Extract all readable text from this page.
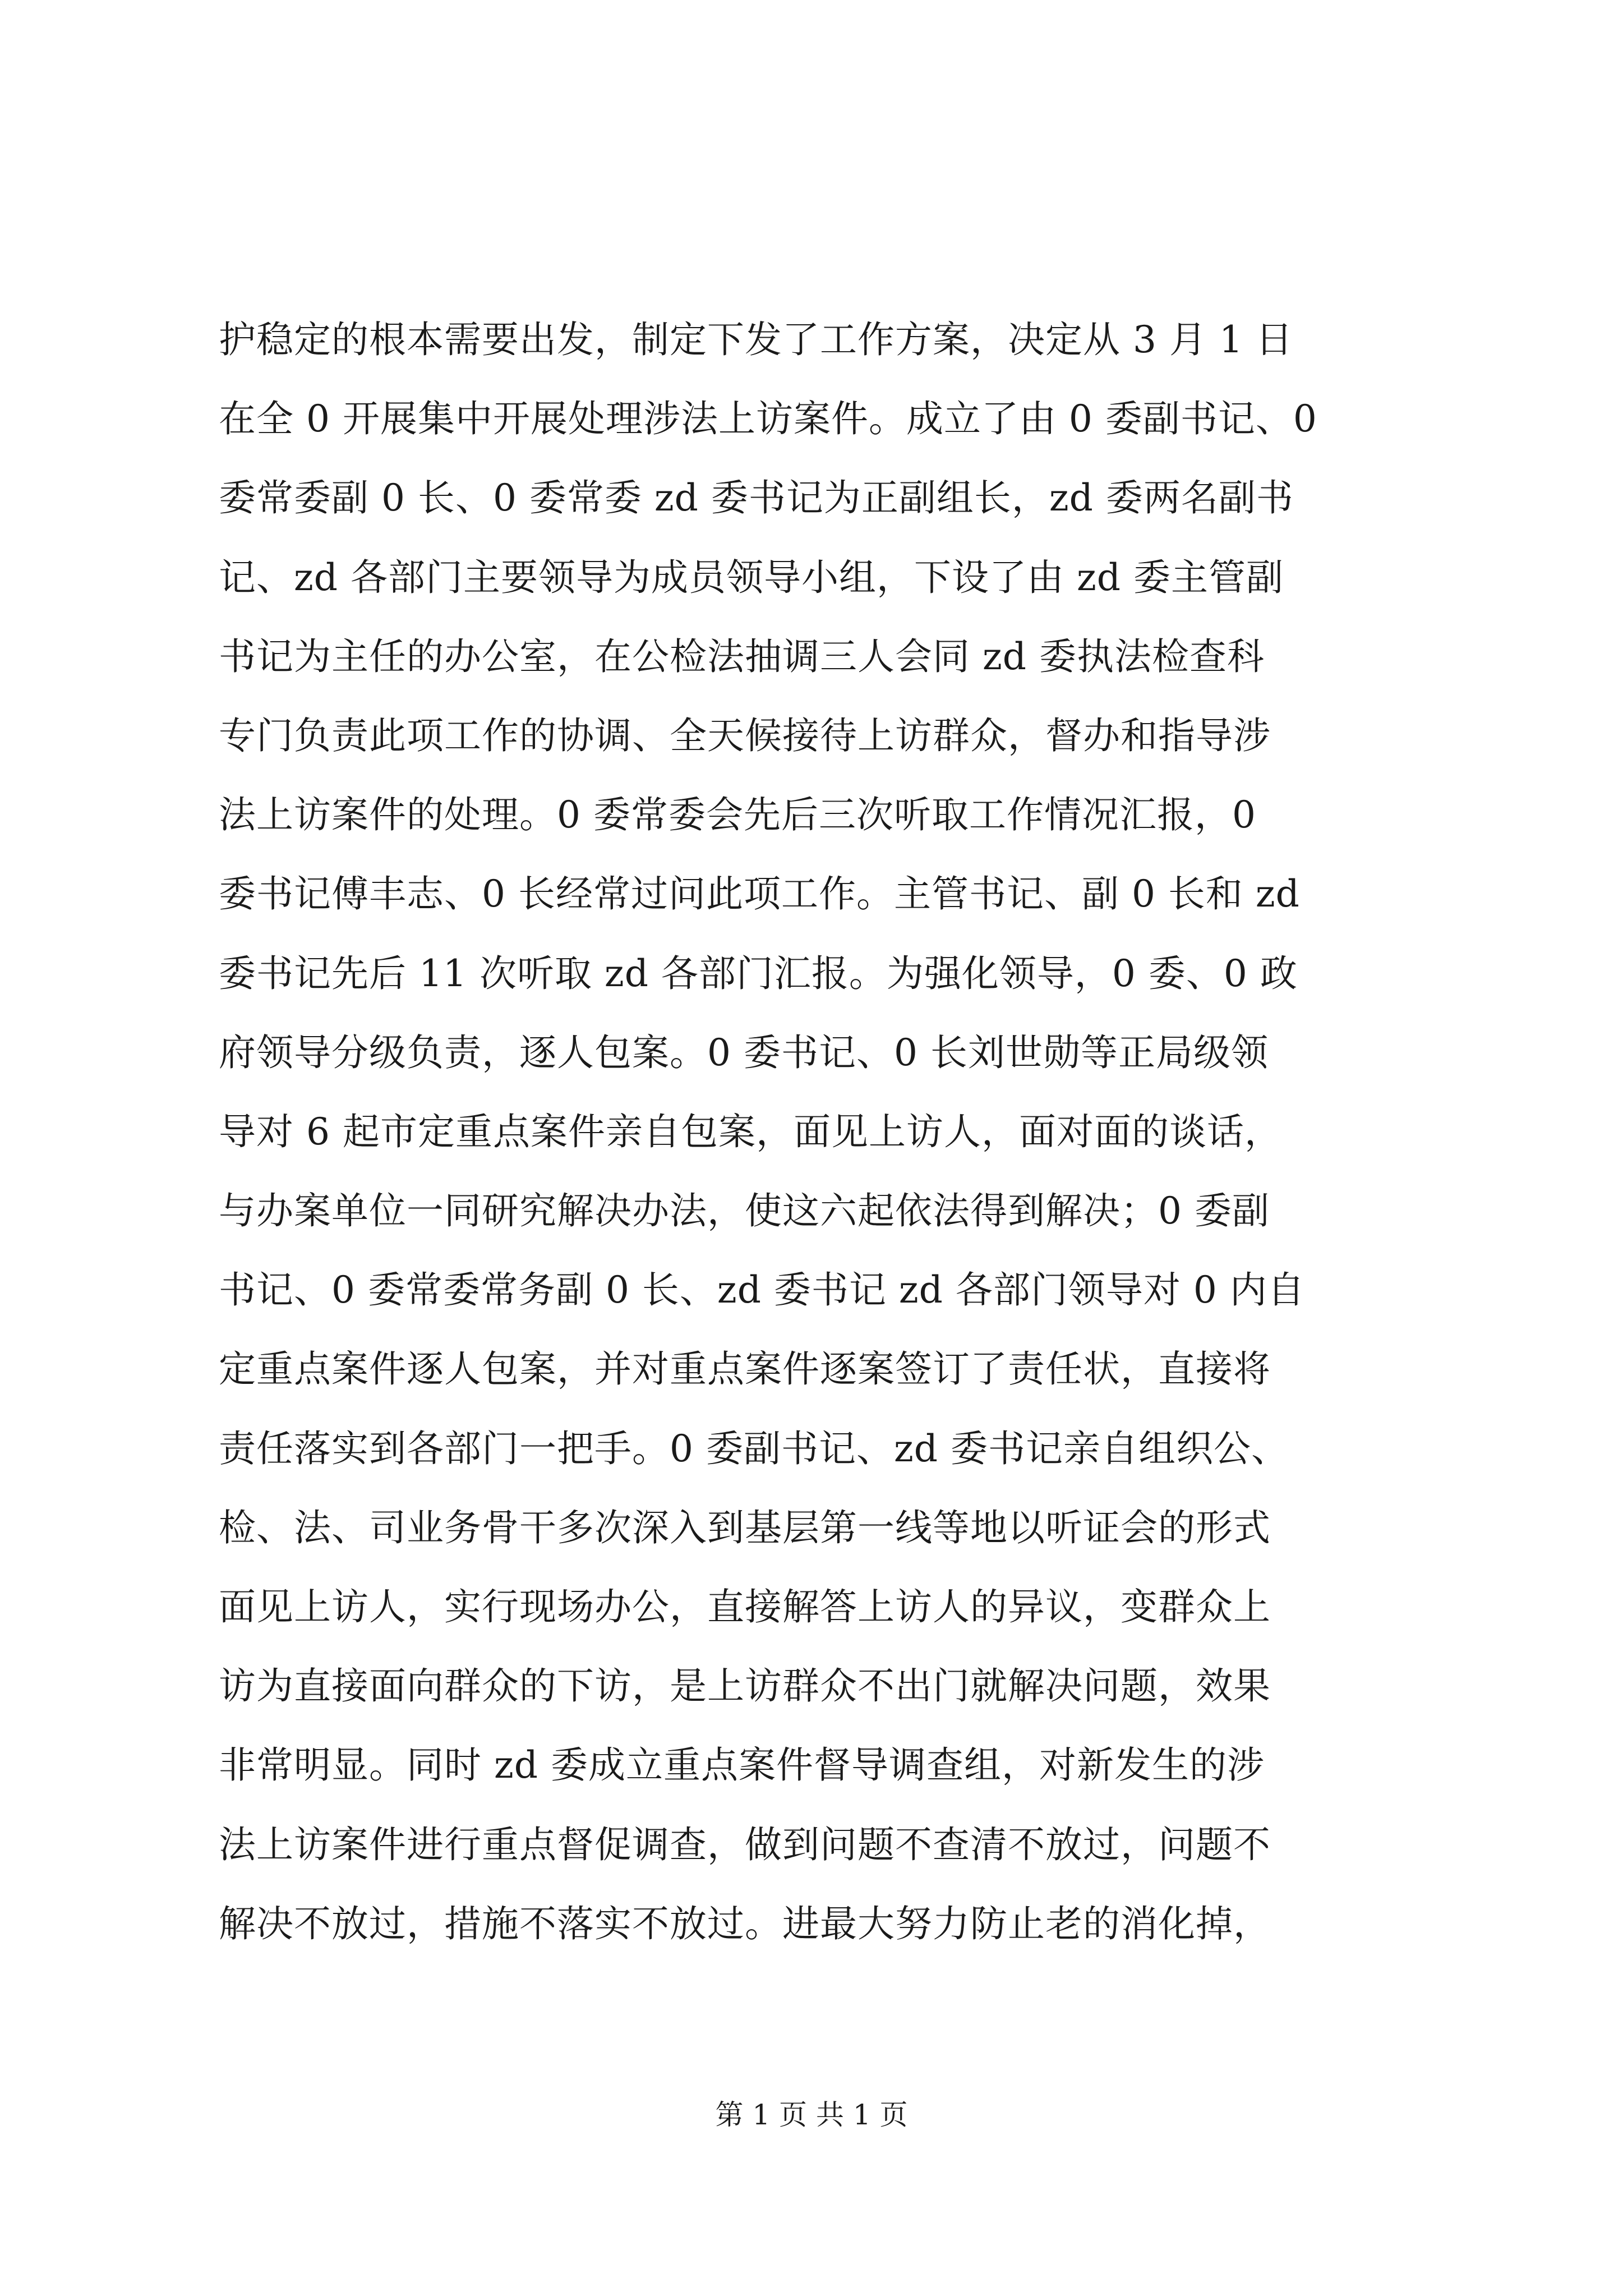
护稳定的根本需要出发，制定下发了工作方案，决定从 3 月 1 日
在全 0 开展集中开展处理涉法上访案件。成立了由 0 委副书记、0
委常委副 0 长、0 委常委 zd 委书记为正副组长，zd 委两名副书
记、zd 各部门主要领导为成员领导小组，下设了由 zd 委主管副
书记为主任的办公室，在公检法抽调三人会同 zd 委执法检查科
专门负责此项工作的协调、全天候接待上访群众，督办和指导涉
法上访案件的处理。0 委常委会先后三次听取工作情况汇报，0
委书记傅丰志、0 长经常过问此项工作。主管书记、副 0 长和 zd
委书记先后 11 次听取 zd 各部门汇报。为强化领导，0 委、0 政
府领导分级负责，逐人包案。0 委书记、0 长刘世勋等正局级领
导对 6 起市定重点案件亲自包案，面见上访人，面对面的谈话，
与办案单位一同研究解决办法，使这六起依法得到解决；0 委副
书记、0 委常委常务副 0 长、zd 委书记 zd 各部门领导对 0 内自
定重点案件逐人包案，并对重点案件逐案签订了责任状，直接将
责任落实到各部门一把手。0 委副书记、zd 委书记亲自组织公、
检、法、司业务骨干多次深入到基层第一线等地以听证会的形式
面见上访人，实行现场办公，直接解答上访人的异议，变群众上
访为直接面向群众的下访，是上访群众不出门就解决问题，效果
非常明显。同时 zd 委成立重点案件督导调查组，对新发生的涉
法上访案件进行重点督促调查，做到问题不查清不放过，问题不
解决不放过，措施不落实不放过。进最大努力防止老的消化掉，
第 1 页 共 1 页
